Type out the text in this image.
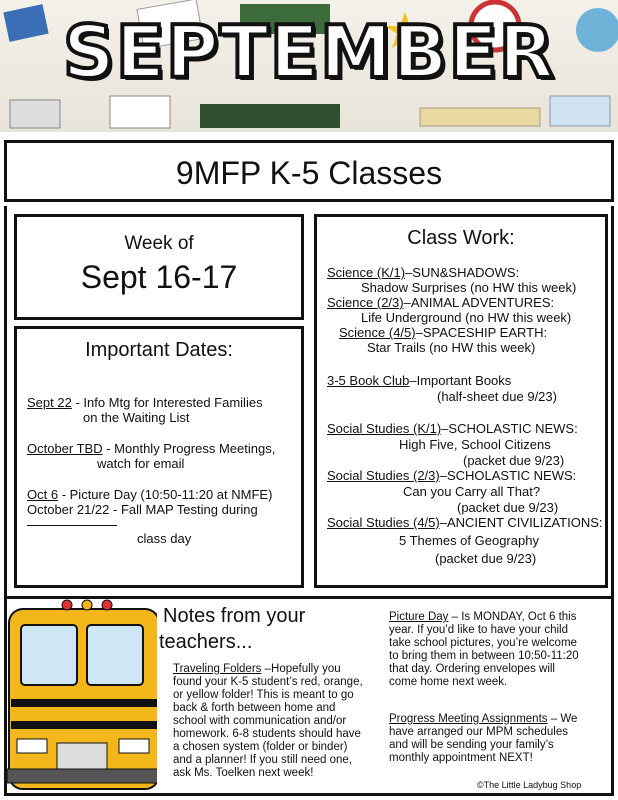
SEPTEMBER
9MFP K-5 Classes
Week of
Sept 16-17
Important Dates:
Sept 22 - Info Mtg for Interested Families
on the Waiting List
October TBD - Monthly Progress Meetings,
watch for email
Oct 6 - Picture Day (10:50-11:20 at NMFE)
October 21/22 - Fall MAP Testing during
class day
Class Work:
Science (K/1)–SUN&SHADOWS:
Shadow Surprises (no HW this week)
Science (2/3)–ANIMAL ADVENTURES:
Life Underground (no HW this week)
Science (4/5)–SPACESHIP EARTH:
Star Trails (no HW this week)
3-5 Book Club–Important Books
(half-sheet due 9/23)
Social Studies (K/1)–SCHOLASTIC NEWS:
High Five, School Citizens
(packet due 9/23)
Social Studies (2/3)–SCHOLASTIC NEWS:
Can you Carry all That?
(packet due 9/23)
Social Studies (4/5)–ANCIENT CIVILIZATIONS:
5 Themes of Geography
(packet due 9/23)
Notes from your
teachers...
Traveling Folders –Hopefully you
found your K-5 student’s red, orange,
or yellow folder! This is meant to go
back & forth between home and
school with communication and/or
homework. 6-8 students should have
a chosen system (folder or binder)
and a planner! If you still need one,
ask Ms. Toelken next week!
Picture Day – Is MONDAY, Oct 6 this
year. If you’d like to have your child
take school pictures, you’re welcome
to bring them in between 10:50-11:20
that day. Ordering envelopes will
come home next week.
Progress Meeting Assignments – We
have arranged our MPM schedules
and will be sending your family’s
monthly appointment NEXT!
©The Little Ladybug Shop
